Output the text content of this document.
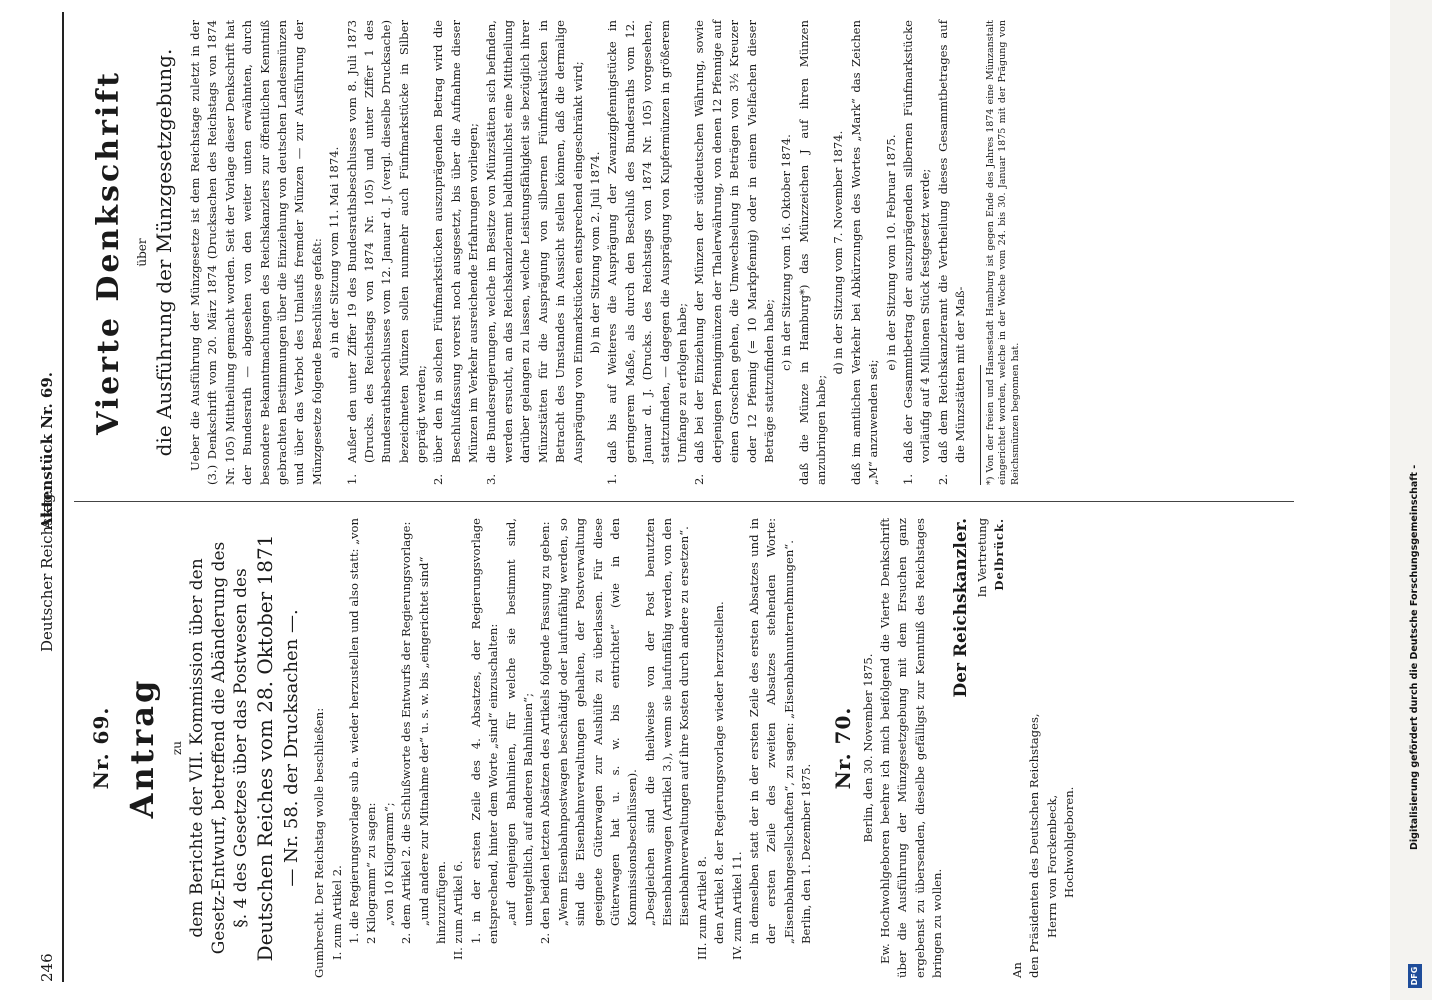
246
Deutscher Reichstag.
Aktenstück Nr. 69.
Nr. 69. Antrag zu dem Berichte der VII. Kommission über den Gesetz-Entwurf, betreffend die Abänderung des §. 4 des Gesetzes über das Postwesen des Deutschen Reiches vom 28. Oktober 1871 — Nr. 58. der Drucksachen —. Gumbrecht. Der Reichstag wolle beschließen: I. zum Artikel 2. 1. die Regierungsvorlage sub a. wieder herzustellen und also statt: „von 2 Kilogramm“ zu sagen: „von 10 Kilogramm“; 2. dem Artikel 2. die Schlußworte des Entwurfs der Regierungsvorlage: „und andere zur Mitnahme der“ u. s. w. bis „eingerichtet sind“ hinzuzufügen. II. zum Artikel 6. 1. in der ersten Zeile des 4. Absatzes, der Regierungsvorlage entsprechend, hinter dem Worte „sind“ einzuschalten: „auf denjenigen Bahnlinien, für welche sie bestimmt sind, unentgeltlich, auf anderen Bahnlinien“; 2. den beiden letzten Absätzen des Artikels folgende Fassung zu geben: „Wenn Eisenbahnpostwagen beschädigt oder laufunfähig werden, so sind die Eisenbahnverwaltungen gehalten, der Postverwaltung geeignete Güterwagen zur Aushülfe zu überlassen. Für diese Güterwagen hat u. s. w. bis entrichtet“ (wie in den Kommissionsbeschlüssen). „Desgleichen sind die theilweise von der Post benutzten Eisenbahnwagen (Artikel 3.), wenn sie laufunfähig werden, von den Eisenbahnverwaltungen auf ihre Kosten durch andere zu ersetzen“. III. zum Artikel 8. den Artikel 8. der Regierungsvorlage wieder herzustellen. IV. zum Artikel 11. in demselben statt der in der ersten Zeile des ersten Absatzes und in der ersten Zeile des zweiten Absatzes stehenden Worte: „Eisenbahngesellschaften“, zu sagen: „Eisenbahnunternehmungen“. Berlin, den 1. Dezember 1875.
Nr. 70. Berlin, den 30. November 1875. Ew. Hochwohlgeboren beehre ich mich beifolgend die Vierte Denkschrift über die Ausführung der Münzgesetzgebung mit dem Ersuchen ganz ergebenst zu übersenden, dieselbe gefälligst zur Kenntniß des Reichstages bringen zu wollen.

Der Reichskanzler. In Vertretung Delbrück.
An den Präsidenten des Deutschen Reichstages, Herrn von Forckenbeck, Hochwohlgeboren.
Vierte Denkschrift über die Ausführung der Münzgesetzgebung. Ueber die Ausführung der Münzgesetze ist dem Reichstage zuletzt in der (3.) Denkschrift vom 20. März 1874 (Drucksachen des Reichstags von 1874 Nr. 105) Mittheilung gemacht worden. Seit der Vorlage dieser Denkschrift hat der Bundesrath — abgesehen von den weiter unten erwähnten, durch besondere Bekanntmachungen des Reichskanzlers zur öffentlichen Kenntniß gebrachten Bestimmungen über die Einziehung von deutschen Landesmünzen und über das Verbot des Umlaufs fremder Münzen — zur Ausführung der Münzgesetze folgende Beschlüsse gefaßt: a) in der Sitzung vom 11. Mai 1874.
1.
Außer den unter Ziffer 19 des Bundesrathsbeschlusses vom 8. Juli 1873 (Drucks. des Reichstags von 1874 Nr. 105) und unter Ziffer 1 des Bundesrathsbeschlusses vom 12. Januar d. J. (vergl. dieselbe Drucksache) bezeichneten Münzen sollen nunmehr auch Fünfmarkstücke in Silber geprägt werden;
2.
über den in solchen Fünfmarkstücken auszuprägenden Betrag wird die Beschlußfassung vorerst noch ausgesetzt, bis über die Aufnahme dieser Münzen im Verkehr ausreichende Erfahrungen vorliegen;
3.
die Bundesregierungen, welche im Besitze von Münzstätten sich befinden, werden ersucht, an das Reichskanzleramt baldthunlichst eine Mittheilung darüber gelangen zu lassen, welche Leistungsfähigkeit sie bezüglich ihrer Münzstätten für die Ausprägung von silbernen Fünfmarkstücken in Betracht des Umstandes in Aussicht stellen können, daß die dermalige Ausprägung von Einmarkstücken entsprechend eingeschränkt wird; b) in der Sitzung vom 2. Juli 1874.
1.
daß bis auf Weiteres die Ausprägung der Zwanzigpfennigstücke in geringerem Maße, als durch den Beschluß des Bundesraths vom 12. Januar d. J. (Drucks. des Reichstags von 1874 Nr. 105) vorgesehen, stattzufinden, — dagegen die Ausprägung von Kupfermünzen in größerem Umfange zu erfolgen habe;
2.
daß bei der Einziehung der Münzen der süddeutschen Währung, sowie derjenigen Pfennigmünzen der Thalerwährung, von denen 12 Pfennige auf einen Groschen gehen, die Umwechselung in Beträgen von 3½ Kreuzer oder 12 Pfennig (= 10 Markpfennig) oder in einem Vielfachen dieser Beträge stattzufinden habe;
c) in der Sitzung vom 16. Oktober 1874. daß die Münze in Hamburg*) das Münzzeichen J auf ihren Münzen anzubringen habe;
d) in der Sitzung vom 7. November 1874. daß im amtlichen Verkehr bei Abkürzungen des Wortes „Mark“ das Zeichen „M“ anzuwenden sei;
e) in der Sitzung vom 10. Februar 1875.
1.
daß der Gesammtbetrag der auszuprägenden silbernen Fünfmarkstücke vorläufig auf 4 Millionen Stück festgesetzt werde;
2.
daß dem Reichskanzleramt die Vertheilung dieses Gesammtbetrages auf die Münzstätten mit der Maß- *) Von der freien und Hansestadt Hamburg ist gegen Ende des Jahres 1874 eine Münzanstalt eingerichtet worden, welche in der Woche vom 24. bis 30. Januar 1875 mit der Prägung von Reichsmünzen begonnen hat.
DFG
Digitalisierung gefördert durch die Deutsche Forschungsgemeinschaft -
